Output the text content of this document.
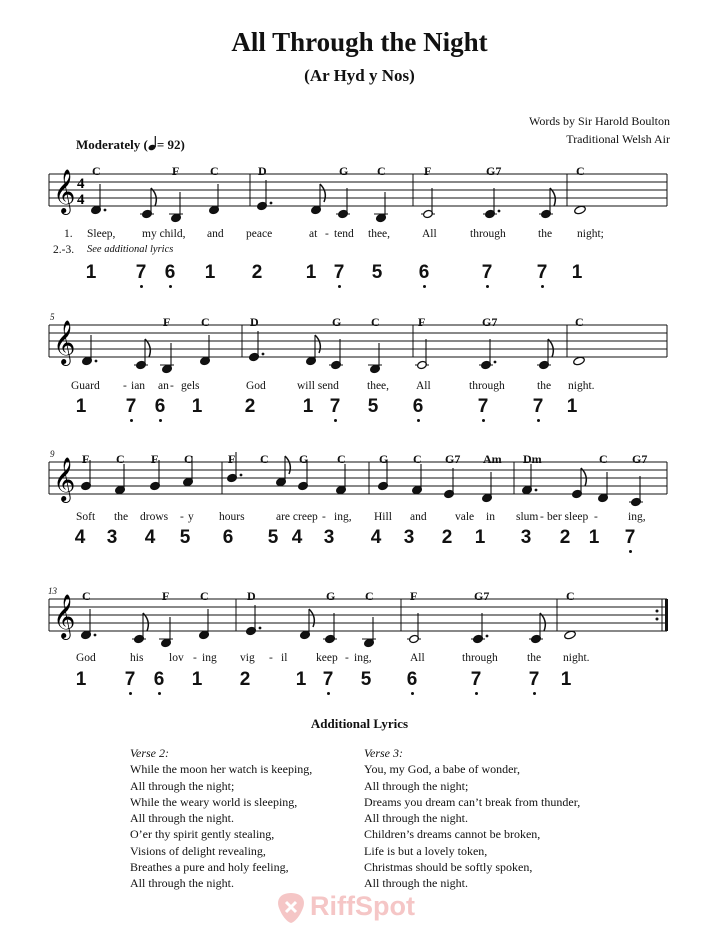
All Through the Night
(Ar Hyd y Nos)
Words by Sir Harold Boulton
Traditional Welsh Air
Moderately ( = 92)
𝄞 4
4
𝄞
𝄞
𝄞
5
9
13
1.
2.-3. See additional lyrics
C	F	C	D	G C	F	G7	C
Sleep, my child, and peace	at - tend thee,	All	through	the night;
1 7 6 1 2 1 7 5 6	7 7 1
F	C	D	G C	F	G7	C
Guard - ian an - gels	God	will send thee, All	through	the night.
1 7 6 1 2 1 7 5 6	7 7 1
F C F C	F C	G C	G C G7 Am Dm	C G7
Soft the drows - y hours	are creep - ing, Hill and vale in slum - ber sleep -	ing,
4 3 4 5 6 5 4 3 4 3 2 1 3 2 1 7
C	F	C	D	G C	F	G7	C
God	his lov - ing vig - il keep - ing,	All	through	the night.
1 7 6 1 2 1 7 5 6	7 7 1
Additional Lyrics
Verse 2:
While the moon her watch is keeping,
All through the night;
While the weary world is sleeping,
All through the night.
O’er thy spirit gently stealing,
Visions of delight revealing,
Breathes a pure and holy feeling,
All through the night.
Verse 3:
You, my God, a babe of wonder,
All through the night;
Dreams you dream can’t break from thunder,
All through the night.
Children’s dreams cannot be broken,
Life is but a lovely token,
Christmas should be softly spoken,
All through the night.
RiffSpot
